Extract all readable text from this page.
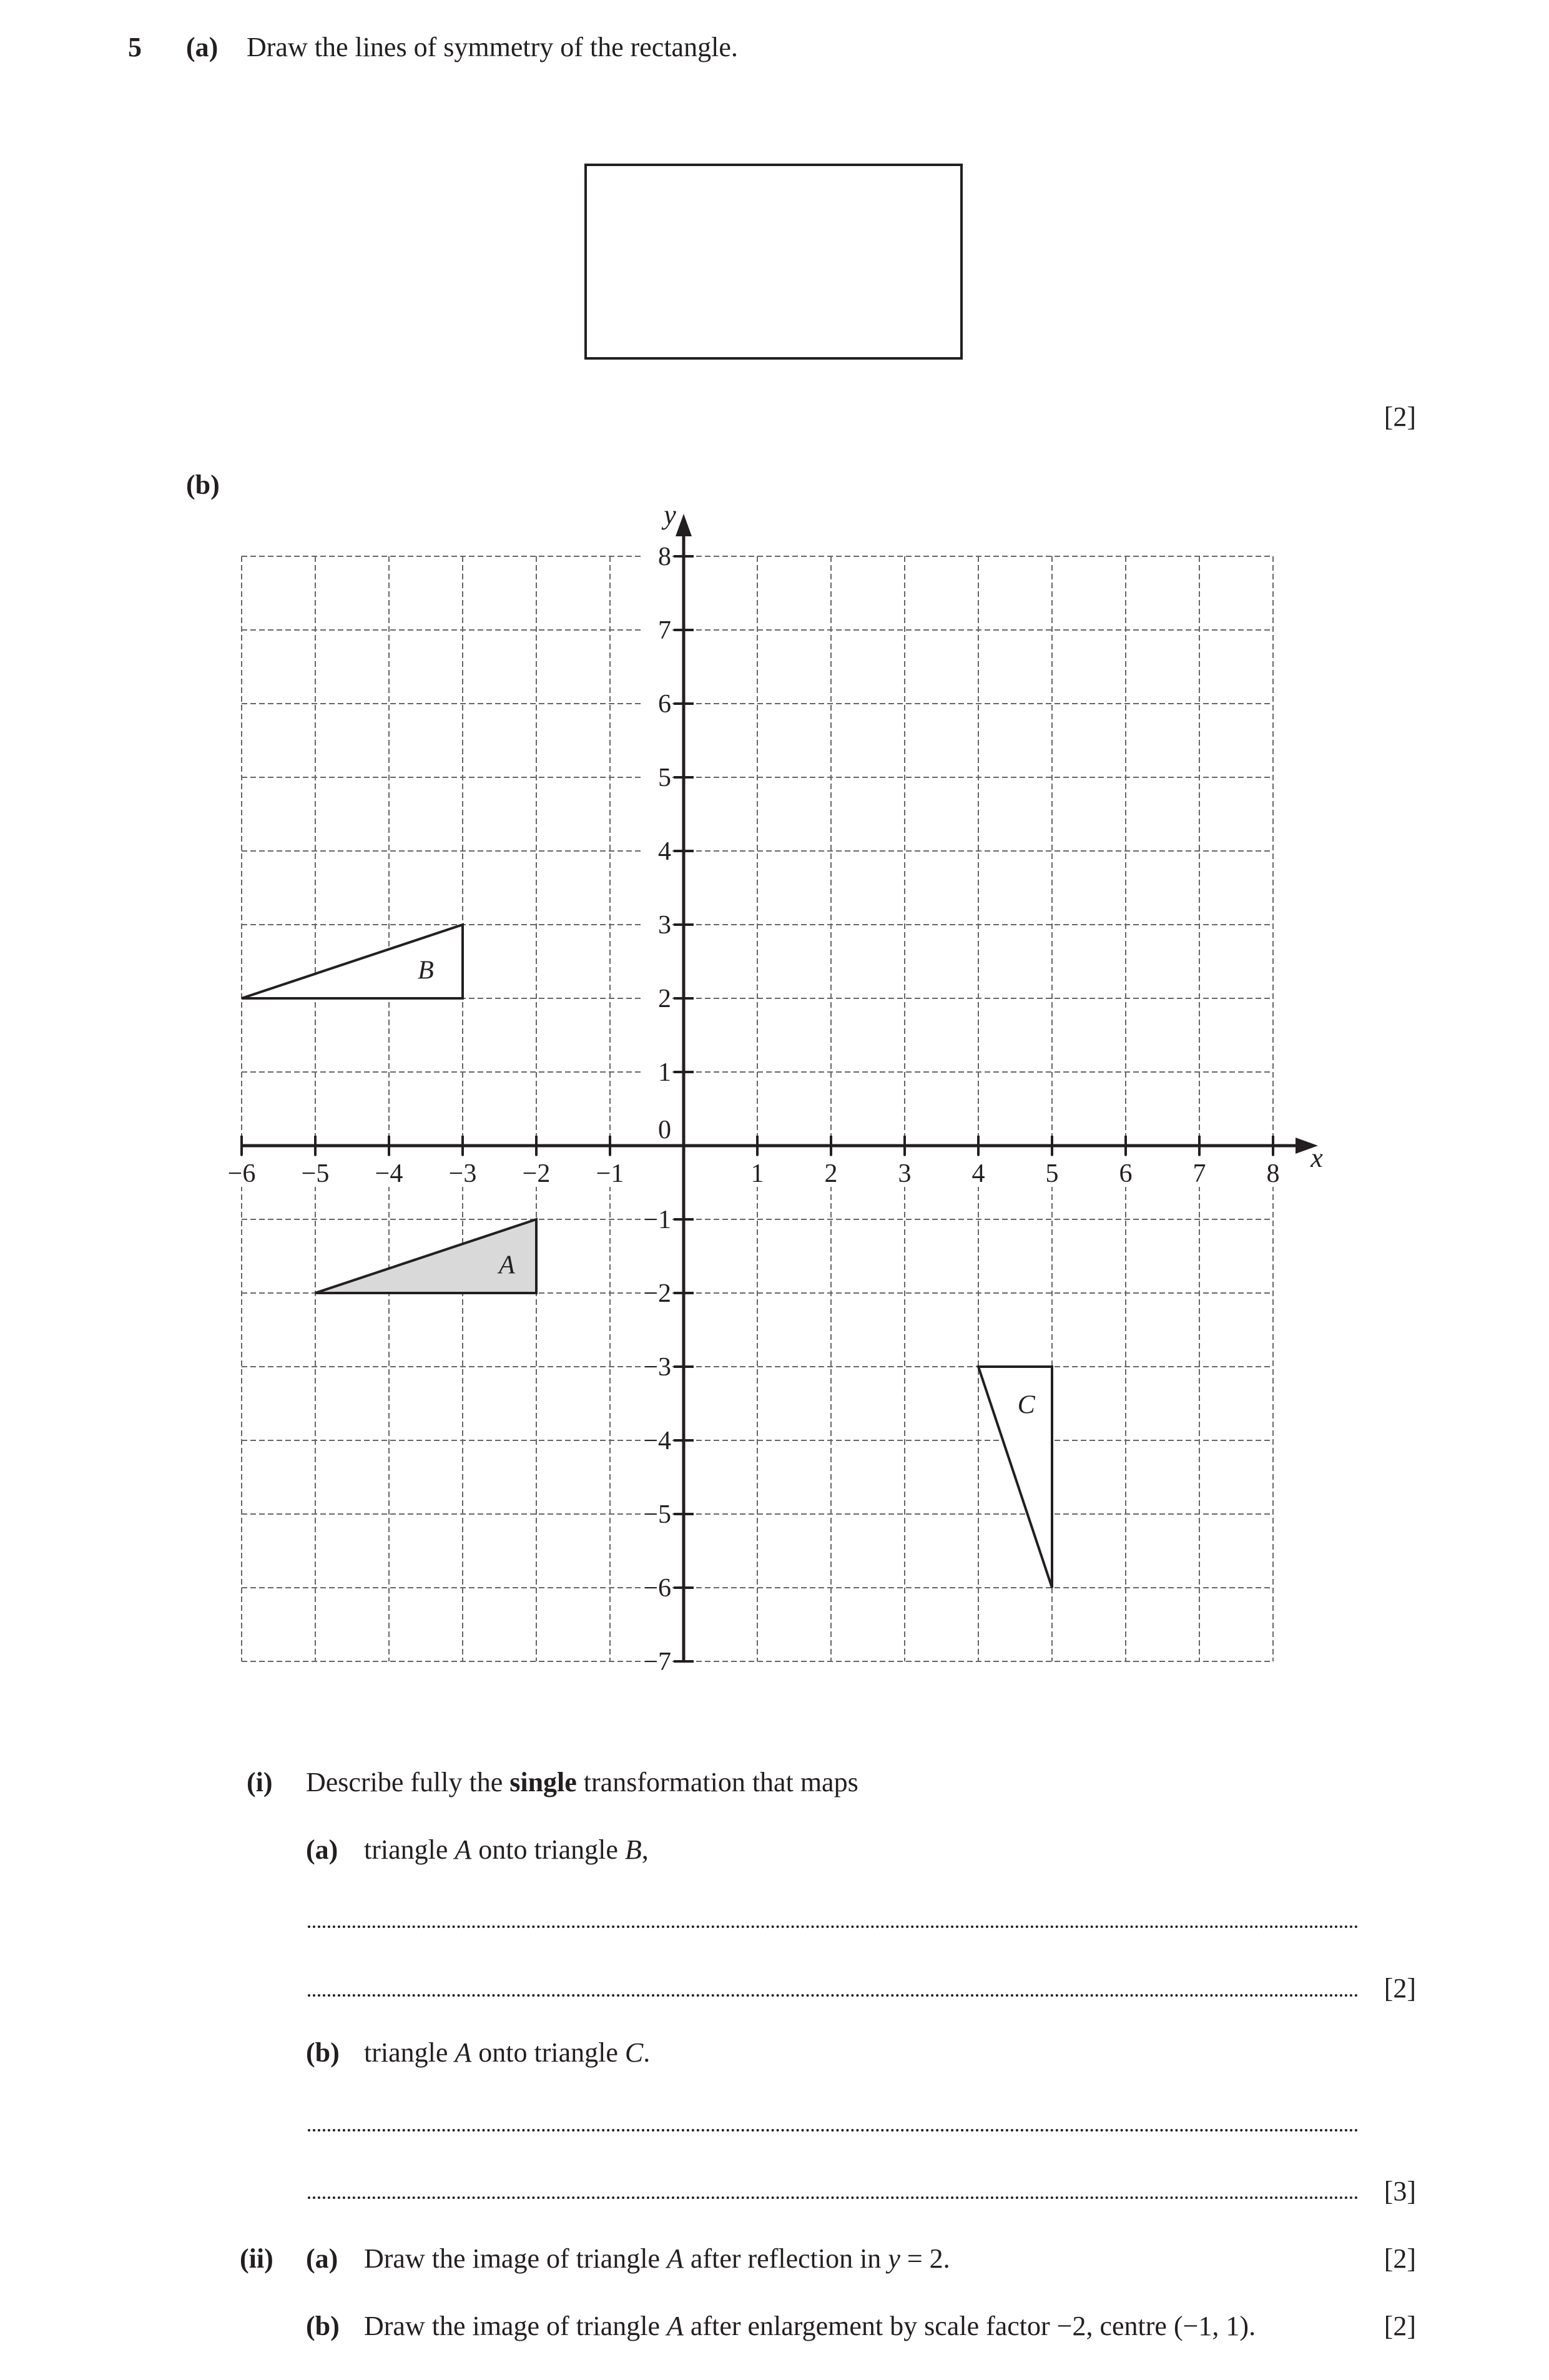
5 (a) Draw the lines of symmetry of the rectangle.
[2]
(b)
A
B
C
−6 −5 −4 −3 −2 −1	1 2 3 4 5 6 7 8
8
7
6
5
4
3
2
1
−1
−2
−3
−4
−5
−6
−7
0
x
y
(i) Describe fully the single transformation that maps
(a) triangle A onto triangle B,
[2]
(b) triangle A onto triangle C.
[3]
(ii) (a) Draw the image of triangle A after reflection in y = 2.	[2]
(b) Draw the image of triangle A after enlargement by scale factor −2, centre (−1, 1).	[2]
